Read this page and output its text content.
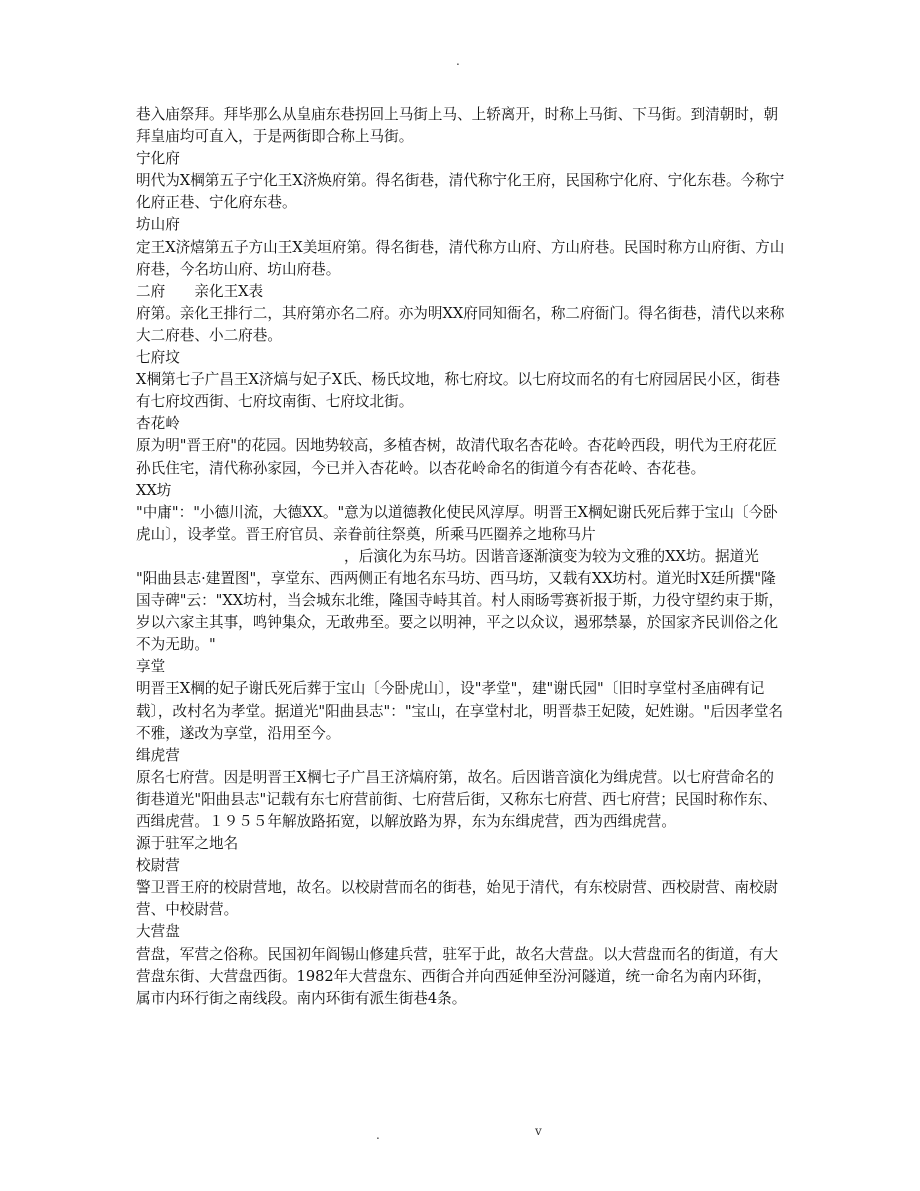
.

巷入庙祭拜。拜毕那么从皇庙东巷拐回上马街上马、上轿离开，时称上马街、下马街。到清朝时，朝拜皇庙均可直入，于是两街即合称上马街。

宁化府

明代为X棡第五子宁化王X济焕府第。得名街巷，清代称宁化王府，民国称宁化府、宁化东巷。今称宁化府正巷、宁化府东巷。

坊山府

定王X济熺第五子方山王X美垣府第。得名街巷，清代称方山府、方山府巷。民国时称方山府街、方山府巷，今名坊山府、坊山府巷。

二府　　亲化王X表

府第。亲化王排行二，其府第亦名二府。亦为明XX府同知衙名，称二府衙门。得名街巷，清代以来称大二府巷、小二府巷。

七府坟

X棡第七子广昌王X济熇与妃子X氏、杨氏坟地，称七府坟。以七府坟而名的有七府园居民小区，街巷有七府坟西街、七府坟南街、七府坟北街。

杏花岭

原为明"晋王府"的花园。因地势较高，多植杏树，故清代取名杏花岭。杏花岭西段，明代为王府花匠孙氏住宅，清代称孙家园，今已并入杏花岭。以杏花岭命名的街道今有杏花岭、杏花巷。

XX坊

"中庸"："小德川流，大德XX。"意为以道德教化使民风淳厚。明晋王X棡妃谢氏死后葬于宝山〔今卧虎山〕，设孝堂。晋王府官员、亲眷前往祭奠，所乘马匹圈养之地称马片

，后演化为东马坊。因谐音逐渐演变为较为文雅的XX坊。据道光

"阳曲县志·建置图"，享堂东、西两侧正有地名东马坊、西马坊，又载有XX坊村。道光时X廷所撰"隆国寺碑"云："XX坊村，当会城东北维，隆国寺峙其首。村人雨旸雩赛祈报于斯，力役守望约束于斯，岁以六家主其事，鸣钟集众，无敢弗至。要之以明神，平之以众议，遏邪禁暴，於国家齐民训俗之化不为无助。"

享堂

明晋王X棡的妃子谢氏死后葬于宝山〔今卧虎山〕，设"孝堂"，建"谢氏园"〔旧时享堂村圣庙碑有记载〕，改村名为孝堂。据道光"阳曲县志"："宝山，在享堂村北，明晋恭王妃陵，妃姓谢。"后因孝堂名不雅，遂改为享堂，沿用至今。

缉虎营

原名七府营。因是明晋王X棡七子广昌王济熇府第，故名。后因谐音演化为缉虎营。以七府营命名的街巷道光"阳曲县志"记载有东七府营前街、七府营后街，又称东七府营、西七府营；民国时称作东、西缉虎营。１９５５年解放路拓宽，以解放路为界，东为东缉虎营，西为西缉虎营。

源于驻军之地名

校尉营

警卫晋王府的校尉营地，故名。以校尉营而名的街巷，始见于清代，有东校尉营、西校尉营、南校尉营、中校尉营。

大营盘

营盘，军营之俗称。民国初年阎锡山修建兵营，驻军于此，故名大营盘。以大营盘而名的街道，有大营盘东街、大营盘西街。1982年大营盘东、西街合并向西延伸至汾河隧道，统一命名为南内环街，属市内环行街之南线段。南内环街有派生街巷4条。

.	v
